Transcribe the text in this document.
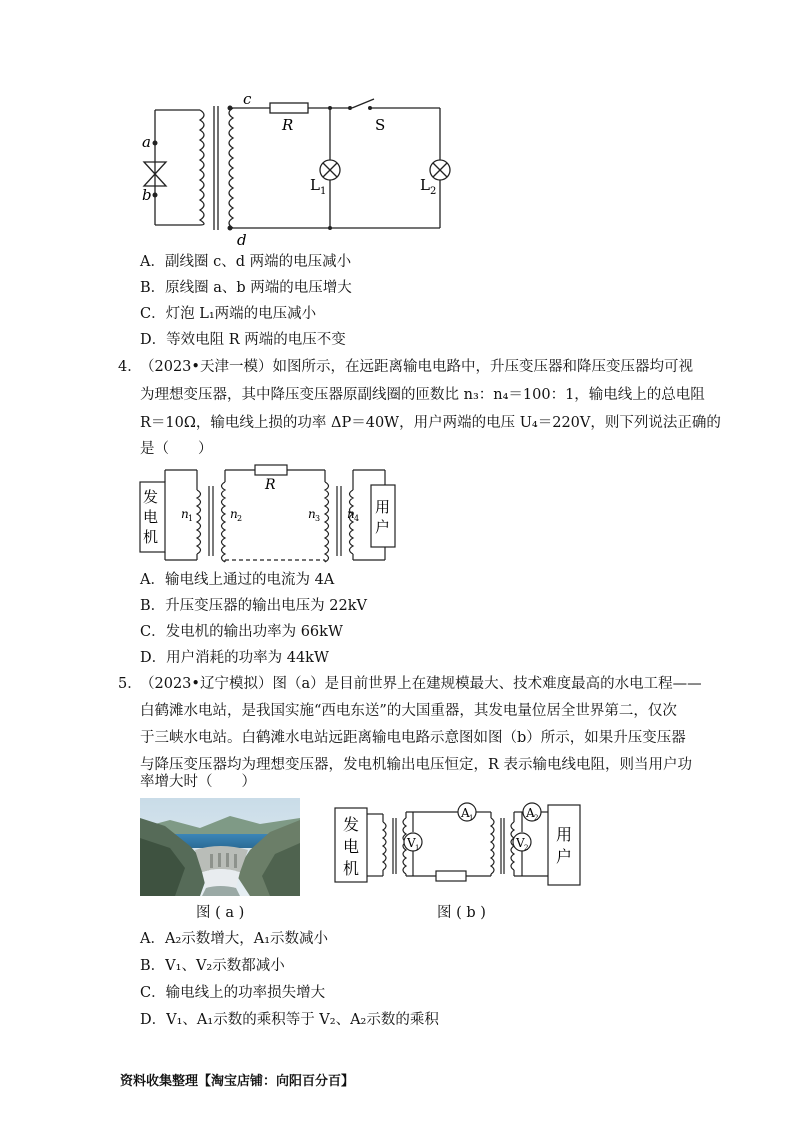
a
b
c
d
R	S
L 1	L 2
A．副线圈 c、d 两端的电压减小
B．原线圈 a、b 两端的电压增大
C．灯泡 L₁两端的电压减小
D．等效电阻 R 两端的电压不变
4．
（2023•天津一模）如图所示，在远距离输电电路中，升压变压器和降压变压器均可视
为理想变压器，其中降压变压器原副线圈的匝数比 n₃：n₄＝100：1，输电线上的总电阻
R＝10Ω，输电线上损的功率 ΔP＝40W，用户两端的电压 U₄＝220V，则下列说法正确的
是（　　）
发
电
机
用
户
n 1	n 2	n 3 n 4
R
A．输电线上通过的电流为 4A
B．升压变压器的输出电压为 22kV
C．发电机的输出功率为 66kW
D．用户消耗的功率为 44kW
5．
（2023•辽宁模拟）图（a）是目前世界上在建规模最大、技术难度最高的水电工程——
白鹤滩水电站，是我国实施“西电东送”的大国重器，其发电量位居全世界第二，仅次
于三峡水电站。白鹤滩水电站远距离输电电路示意图如图（b）所示，如果升压变压器
与降压变压器均为理想变压器，发电机输出电压恒定，R 表示输电线电阻，则当用户功
率增大时（　　）
图 ( a )
发
电
机
用
户
V 1	V 2
A 1	A 2
图 ( b )
A．A₂示数增大，A₁示数减小
B．V₁、V₂示数都减小
C．输电线上的功率损失增大
D．V₁、A₁示数的乘积等于 V₂、A₂示数的乘积
资料收集整理【淘宝店铺：向阳百分百】
